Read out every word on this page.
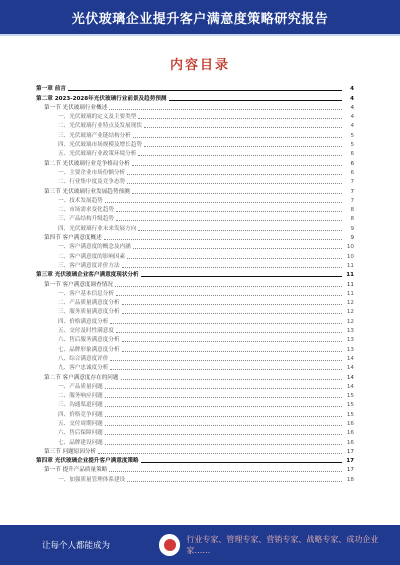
光伏玻璃企业提升客户满意度策略研究报告
内容目录
第一章 前言	4
第二章 2023-2028年光伏玻璃行业前景及趋势预测	4
第一节 光伏玻璃行业概述	4
一、光伏玻璃的定义及主要类型	4
二、光伏玻璃行业特点及发展现状	4
三、光伏玻璃产业链结构分析	5
四、光伏玻璃市场规模及增长趋势	5
五、光伏玻璃行业政策环境分析	6
第二节 光伏玻璃行业竞争格局分析	6
一、主要企业市场份额分析	6
二、行业集中度及竞争态势	7
第三节 光伏玻璃行业发展趋势预测	7
一、技术发展趋势	7
二、市场需求变化趋势	8
三、产品结构升级趋势	8
四、光伏玻璃行业未来发展方向	9
第四节 客户满意度概述	9
一、客户满意度的概念及内涵	10
二、客户满意度的影响因素	10
三、客户满意度评价方法	11
第三章 光伏玻璃企业客户满意度现状分析	11
第一节 客户满意度调查情况	11
一、客户基本信息分析	11
二、产品质量满意度分析	12
三、服务质量满意度分析	12
四、价格满意度分析	12
五、交付及时性满意度	13
六、售后服务满意度分析	13
七、品牌形象满意度分析	13
八、综合满意度评价	14
九、客户忠诚度分析	14
第二节 客户满意度存在的问题	14
一、产品质量问题	14
二、服务响应问题	15
三、沟通渠道问题	15
四、价格竞争问题	15
五、交付周期问题	16
六、售后保障问题	16
七、品牌建设问题	16
第三节 问题原因分析	17
第四章 光伏玻璃企业提升客户满意度策略	17
第一节 提升产品质量策略	17
一、加强质量管理体系建设	18
让每个人都能成为
行业专家、管理专家、营销专家、战略专家、成功企业家……
